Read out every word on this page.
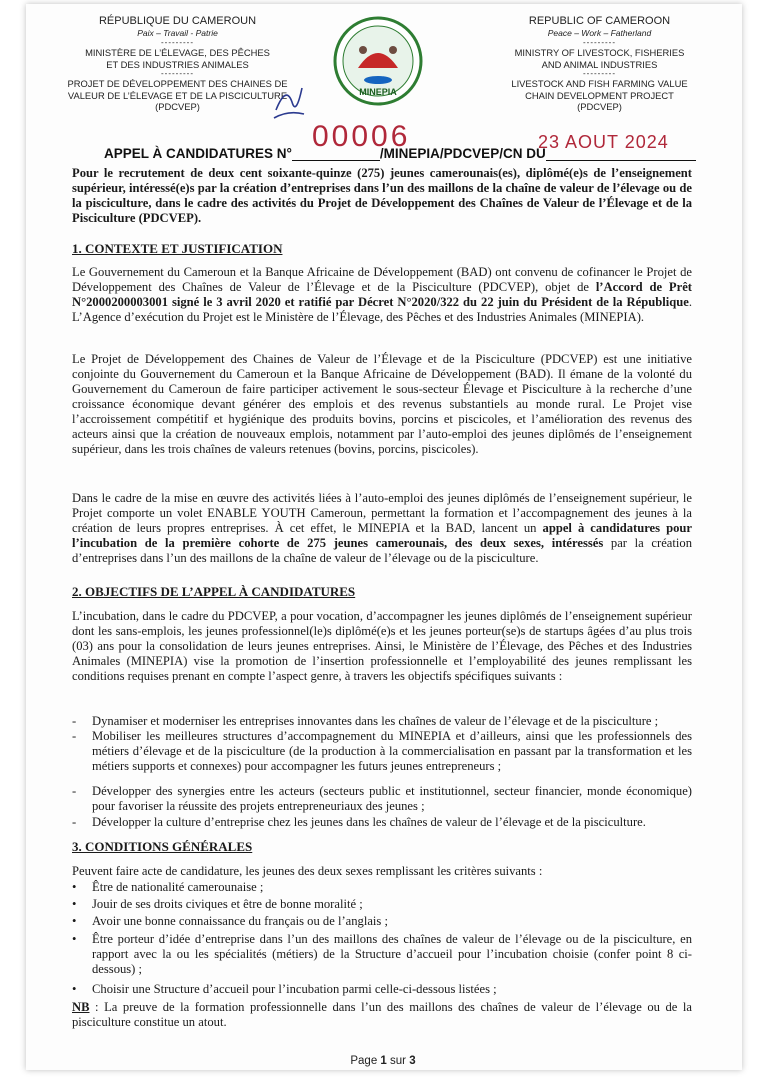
RÉPUBLIQUE DU CAMEROUN
Paix – Travail - Patrie
---------
MINISTÈRE DE L’ÉLEVAGE, DES PÊCHES
ET DES INDUSTRIES ANIMALES
---------
PROJET DE DÉVELOPPEMENT DES CHAINES DE
VALEUR DE L’ÉLEVAGE ET DE LA PISCICULTURE
(PDCVEP)
MINEPIA
REPUBLIC OF CAMEROON
Peace – Work – Fatherland
---------
MINISTRY OF LIVESTOCK, FISHERIES
AND ANIMAL INDUSTRIES
---------
LIVESTOCK AND FISH FARMING VALUE
CHAIN DEVELOPMENT PROJECT
(PDCVEP)
APPEL À CANDIDATURES N°	/MINEPIA/PDCVEP/CN DU
00006	23 AOUT 2024

Pour le recrutement de deux cent soixante-quinze (275) jeunes camerounais(es), diplômé(e)s de l’enseignement supérieur, intéressé(e)s par la création d’entreprises dans l’un des maillons de la chaîne de valeur de l’élevage ou de la pisciculture, dans le cadre des activités du Projet de Développement des Chaînes de Valeur de l’Élevage et de la Pisciculture (PDCVEP).

1. CONTEXTE ET JUSTIFICATION

Le Gouvernement du Cameroun et la Banque Africaine de Développement (BAD) ont convenu de cofinancer le Projet de Développement des Chaînes de Valeur de l’Élevage et de la Pisciculture (PDCVEP), objet de l’Accord de Prêt N°2000200003001 signé le 3 avril 2020 et ratifié par Décret N°2020/322 du 22 juin du Président de la République. L’Agence d’exécution du Projet est le Ministère de l’Élevage, des Pêches et des Industries Animales (MINEPIA).

Le Projet de Développement des Chaines de Valeur de l’Élevage et de la Pisciculture (PDCVEP) est une initiative conjointe du Gouvernement du Cameroun et la Banque Africaine de Développement (BAD). Il émane de la volonté du Gouvernement du Cameroun de faire participer activement le sous-secteur Élevage et Pisciculture à la recherche d’une croissance économique devant générer des emplois et des revenus substantiels au monde rural. Le Projet vise l’accroissement compétitif et hygiénique des produits bovins, porcins et piscicoles, et l’amélioration des revenus des acteurs ainsi que la création de nouveaux emplois, notamment par l’auto-emploi des jeunes diplômés de l’enseignement supérieur, dans les trois chaînes de valeurs retenues (bovins, porcins, piscicoles).

Dans le cadre de la mise en œuvre des activités liées à l’auto-emploi des jeunes diplômés de l’enseignement supérieur, le Projet comporte un volet ENABLE YOUTH Cameroun, permettant la formation et l’accompagnement des jeunes à la création de leurs propres entreprises. À cet effet, le MINEPIA et la BAD, lancent un appel à candidatures pour l’incubation de la première cohorte de 275 jeunes camerounais, des deux sexes, intéressés par la création d’entreprises dans l’un des maillons de la chaîne de valeur de l’élevage ou de la pisciculture.

2. OBJECTIFS DE L’APPEL À CANDIDATURES

L’incubation, dans le cadre du PDCVEP, a pour vocation, d’accompagner les jeunes diplômés de l’enseignement supérieur dont les sans-emplois, les jeunes professionnel(le)s diplômé(e)s et les jeunes porteur(se)s de startups âgées d’au plus trois (03) ans pour la consolidation de leurs jeunes entreprises. Ainsi, le Ministère de l’Élevage, des Pêches et des Industries Animales (MINEPIA) vise la promotion de l’insertion professionnelle et l’employabilité des jeunes remplissant les conditions requises prenant en compte l’aspect genre, à travers les objectifs spécifiques suivants :

-	Dynamiser et moderniser les entreprises innovantes dans les chaînes de valeur de l’élevage et de la pisciculture ;
-	Mobiliser les meilleures structures d’accompagnement du MINEPIA et d’ailleurs, ainsi que les professionnels des métiers d’élevage et de la pisciculture (de la production à la commercialisation en passant par la transformation et les métiers supports et connexes) pour accompagner les futurs jeunes entrepreneurs ;
-	Développer des synergies entre les acteurs (secteurs public et institutionnel, secteur financier, monde économique) pour favoriser la réussite des projets entrepreneuriaux des jeunes ;
-	Développer la culture d’entreprise chez les jeunes dans les chaînes de valeur de l’élevage et de la pisciculture.
3. CONDITIONS GÉNÉRALES

Peuvent faire acte de candidature, les jeunes des deux sexes remplissant les critères suivants :

•	Être de nationalité camerounaise ;
•	Jouir de ses droits civiques et être de bonne moralité ;
•	Avoir une bonne connaissance du français ou de l’anglais ;
•	Être porteur d’idée d’entreprise dans l’un des maillons des chaînes de valeur de l’élevage ou de la pisciculture, en rapport avec la ou les spécialités (métiers) de la Structure d’accueil pour l’incubation choisie (confer point 8 ci-dessous) ;
•	Choisir une Structure d’accueil pour l’incubation parmi celle-ci-dessous listées ;

NB : La preuve de la formation professionnelle dans l’un des maillons des chaînes de valeur de l’élevage ou de la pisciculture constitue un atout.

Page 1 sur 3
